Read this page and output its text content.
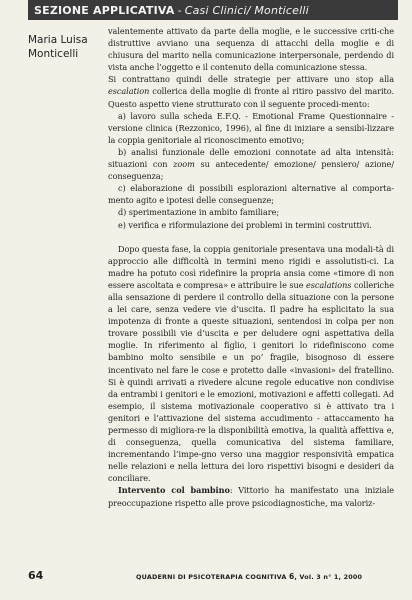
SEZIONE APPLICATIVA - Casi Clinici/ Monticelli
Maria Luisa
Monticelli

valentemente attivato da parte della moglie, e le successive criti-che distruttive avviano una sequenza di attacchi della moglie e di chiusura del marito nella comunicazione interpersonale, perdendo di vista anche l’oggetto e il contenuto della comunicazione stessa.

Si contrattano quindi delle strategie per attivare uno stop alla escalation collerica della moglie di fronte al ritiro passivo del marito. Questo aspetto viene strutturato con il seguente procedi-mento:

a) lavoro sulla scheda E.F.Q. - Emotional Frame Questionnaire - versione clinica (Rezzonico, 1996), al fine di iniziare a sensibi-lizzare la coppia genitoriale al riconoscimento emotivo;

b) analisi funzionale delle emozioni connotate ad alta intensità: situazioni con zoom su antecedente/ emozione/ pensiero/ azione/ conseguenza;

c) elaborazione di possibili esplorazioni alternative al comporta-mento agito e ipotesi delle conseguenze;

d) sperimentazione in ambito familiare;

e) verifica e riformulazione dei problemi in termini costruttivi.

Dopo questa fase, la coppia genitoriale presentava una modali-tà di approccio alle difficoltà in termini meno rigidi e assolutisti-ci. La madre ha potuto così ridefinire la propria ansia come «timore di non essere ascoltata e compresa» e attribuire le sue escalations colleriche alla sensazione di perdere il controllo della situazione con la persone a lei care, senza vedere vie d’uscita. Il padre ha esplicitato la sua impotenza di fronte a queste situazioni, sentendosi in colpa per non trovare possibili vie d’uscita e per deludere ogni aspettativa della moglie. In riferimento al figlio, i genitori lo ridefiniscono come bambino molto sensibile e un po’ fragile, bisognoso di essere incentivato nel fare le cose e protetto dalle «invasioni» del fratellino. Si è quindi arrivati a rivedere alcune regole educative non condivise da entrambi i genitori e le emozioni, motivazioni e affetti collegati. Ad esempio, il sistema motivazionale cooperativo si è attivato tra i genitori e l’attivazione del sistema accudimento - attaccamento ha permesso di migliora-re la disponibilità emotiva, la qualità affettiva e, di conseguenza, quella comunicativa del sistema familiare, incrementando l’impe-gno verso una maggior responsività empatica nelle relazioni e nella lettura dei loro rispettivi bisogni e desideri da conciliare.

Intervento col bambino: Vittorio ha manifestato una iniziale preoccupazione rispetto alle prove psicodiagnostiche, ma valoriz-

64	QUADERNI DI PSICOTERAPIA COGNITIVA 6, Vol. 3 n° 1, 2000
